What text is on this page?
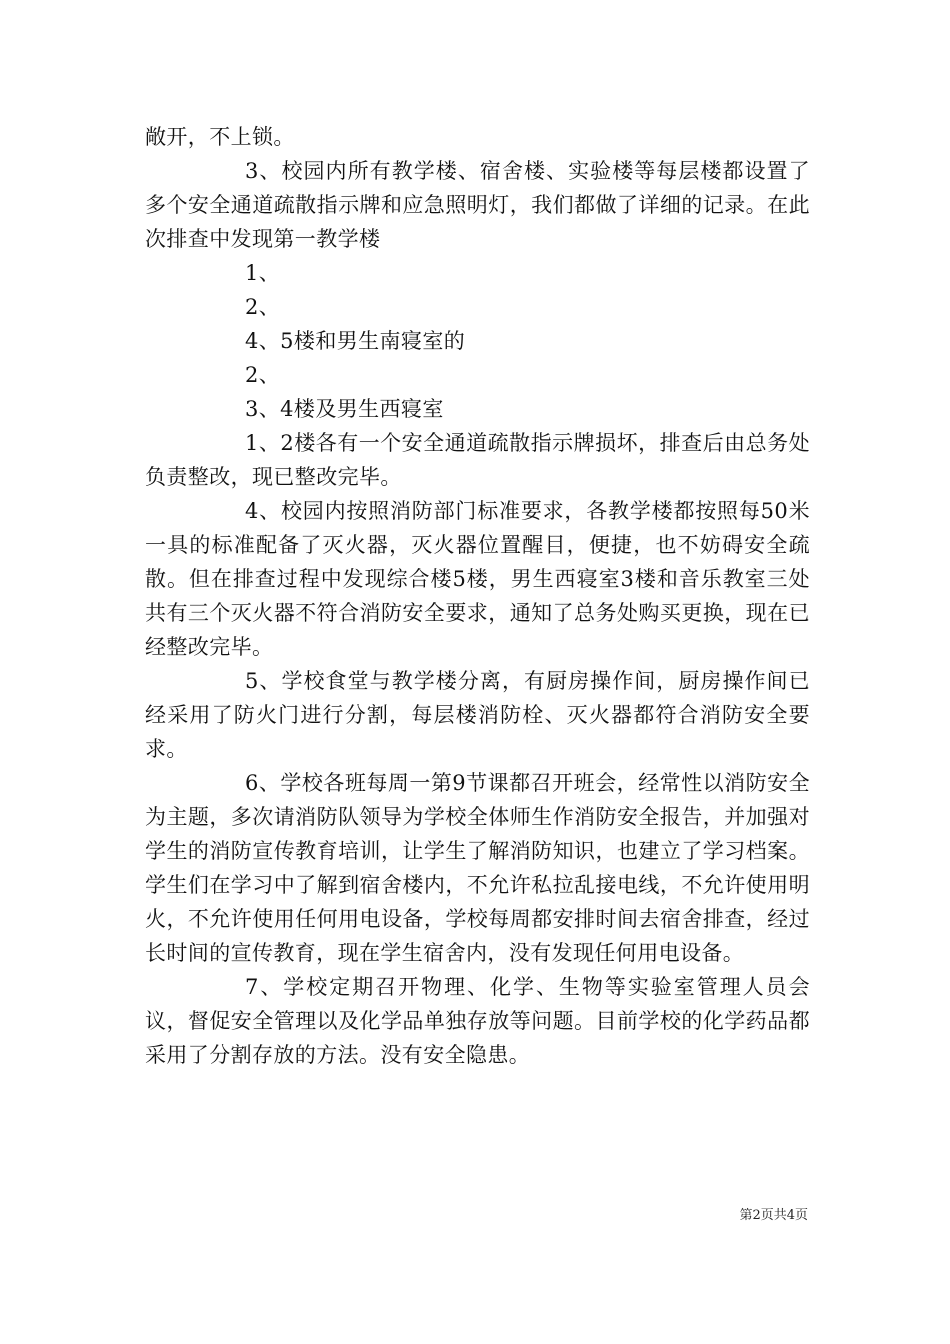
敞开，不上锁。

3、校园内所有教学楼、宿舍楼、实验楼等每层楼都设置了多个安全通道疏散指示牌和应急照明灯，我们都做了详细的记录。在此次排查中发现第一教学楼

1、

2、

4、5楼和男生南寝室的

2、

3、4楼及男生西寝室

1、2楼各有一个安全通道疏散指示牌损坏，排查后由总务处负责整改，现已整改完毕。

4、校园内按照消防部门标准要求，各教学楼都按照每50米一具的标准配备了灭火器，灭火器位置醒目，便捷，也不妨碍安全疏散。但在排查过程中发现综合楼5楼，男生西寝室3楼和音乐教室三处共有三个灭火器不符合消防安全要求，通知了总务处购买更换，现在已经整改完毕。

5、学校食堂与教学楼分离，有厨房操作间，厨房操作间已经采用了防火门进行分割，每层楼消防栓、灭火器都符合消防安全要求。

6、学校各班每周一第9节课都召开班会，经常性以消防安全为主题，多次请消防队领导为学校全体师生作消防安全报告，并加强对学生的消防宣传教育培训，让学生了解消防知识，也建立了学习档案。学生们在学习中了解到宿舍楼内，不允许私拉乱接电线，不允许使用明火，不允许使用任何用电设备，学校每周都安排时间去宿舍排查，经过长时间的宣传教育，现在学生宿舍内，没有发现任何用电设备。

7、学校定期召开物理、化学、生物等实验室管理人员会议，督促安全管理以及化学品单独存放等问题。目前学校的化学药品都采用了分割存放的方法。没有安全隐患。

第2页共4页
